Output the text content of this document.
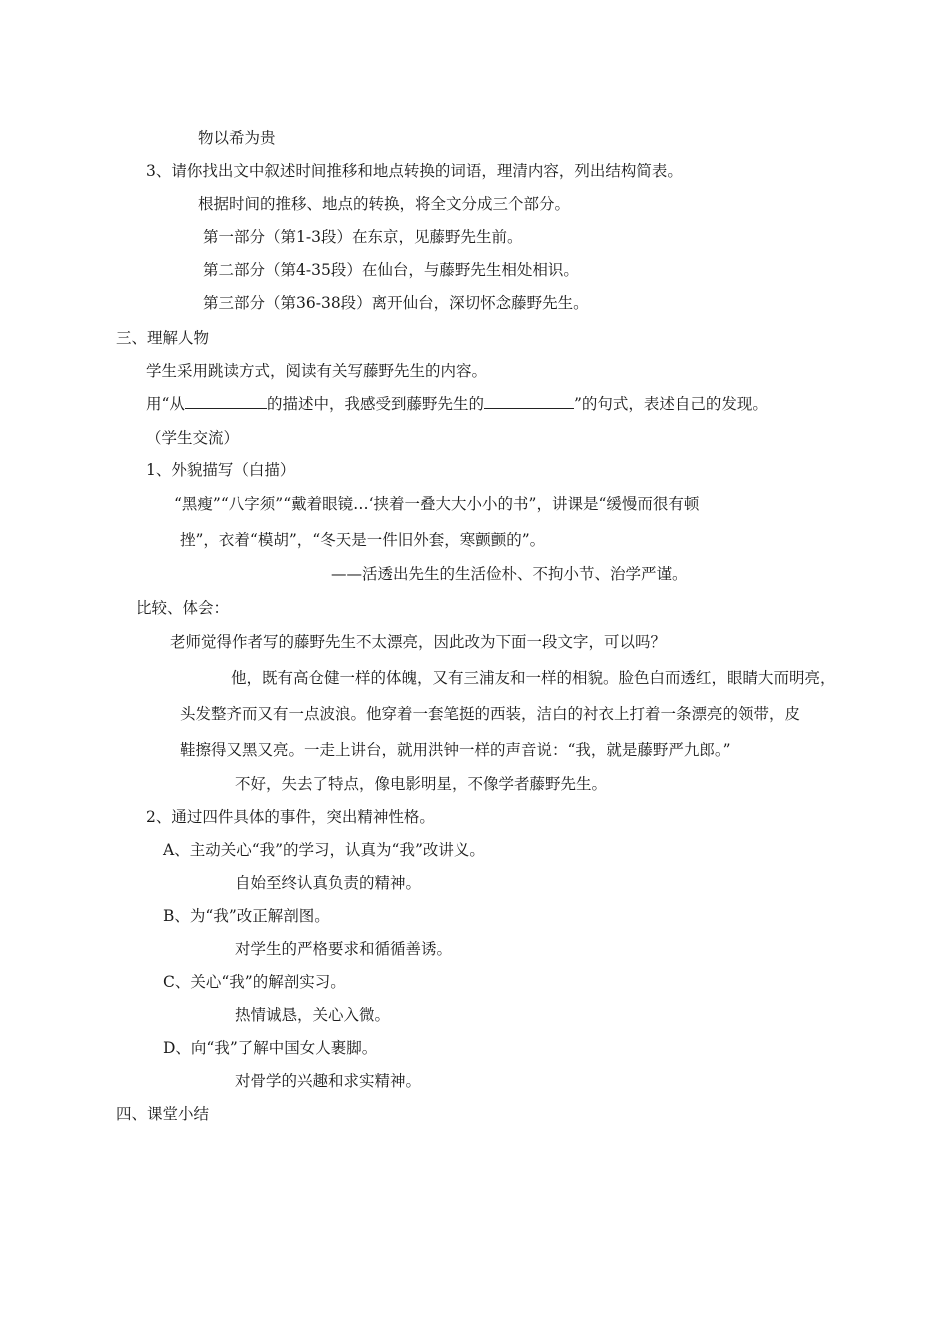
物以希为贵
3、请你找出文中叙述时间推移和地点转换的词语，理清内容，列出结构简表。
根据时间的推移、地点的转换，将全文分成三个部分。
第一部分（第1-3段）在东京，见藤野先生前。
第二部分（第4-35段）在仙台，与藤野先生相处相识。
第三部分（第36-38段）离开仙台，深切怀念藤野先生。
三、理解人物
学生采用跳读方式，阅读有关写藤野先生的内容。
用“从	的描述中，我感受到藤野先生的	”的句式，表述自己的发现。
（学生交流）
1、外貌描写（白描）
“黑瘦”“八字须”“戴着眼镜…‘挟着一叠大大小小的书”，讲课是“缓慢而很有顿
挫”，衣着“模胡”，“冬天是一件旧外套，寒颤颤的”。
——活透出先生的生活俭朴、不拘小节、治学严谨。
比较、体会：
老师觉得作者写的藤野先生不太漂亮，因此改为下面一段文字，可以吗？
他，既有高仓健一样的体魄，又有三浦友和一样的相貌。脸色白而透红，眼睛大而明亮，
头发整齐而又有一点波浪。他穿着一套笔挺的西装，洁白的衬衣上打着一条漂亮的领带，皮
鞋擦得又黑又亮。一走上讲台，就用洪钟一样的声音说：“我，就是藤野严九郎。”
不好，失去了特点，像电影明星，不像学者藤野先生。
2、通过四件具体的事件，突出精神性格。
A、主动关心“我”的学习，认真为“我”改讲义。
自始至终认真负责的精神。
B、为“我”改正解剖图。
对学生的严格要求和循循善诱。
C、关心“我”的解剖实习。
热情诚恳，关心入微。
D、向“我”了解中国女人裹脚。
对骨学的兴趣和求实精神。
四、课堂小结
